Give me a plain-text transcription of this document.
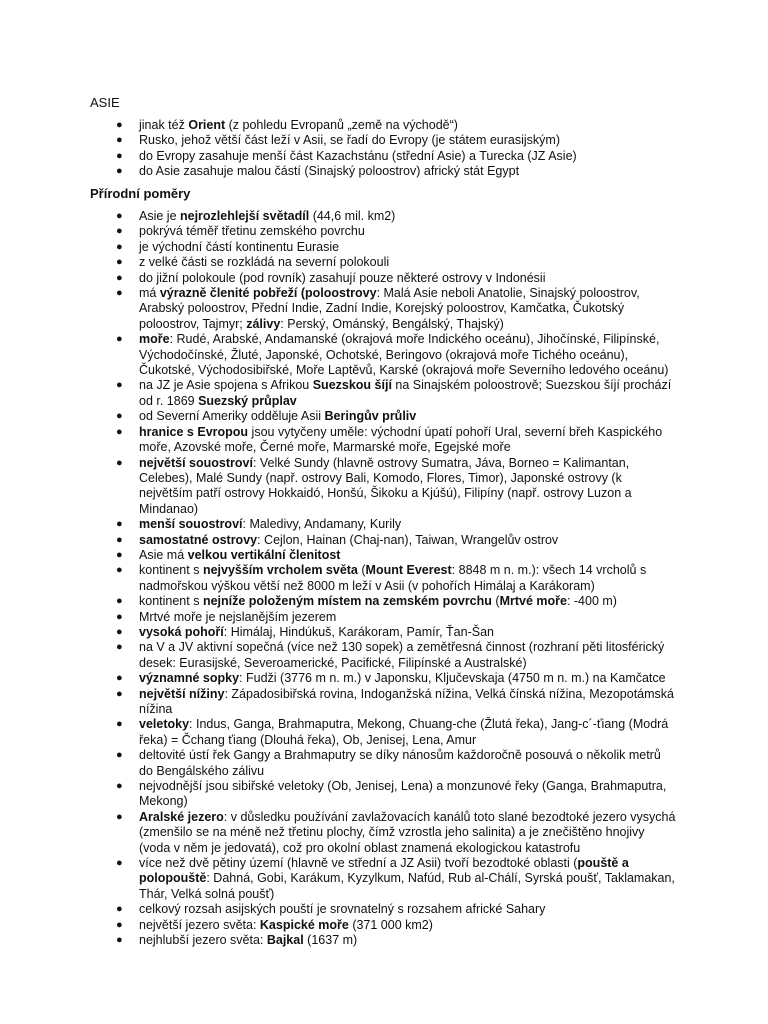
ASIE
● jinak též Orient (z pohledu Evropanů „země na východě“)
● Rusko, jehož větší část leží v Asii, se řadí do Evropy (je státem eurasijským)
● do Evropy zasahuje menší část Kazachstánu (střední Asie) a Turecka (JZ Asie)
● do Asie zasahuje malou částí (Sinajský poloostrov) africký stát Egypt
Přírodní poměry
● Asie je nejrozlehlejší světadíl (44,6 mil. km2)
● pokrývá téměř třetinu zemského povrchu
● je východní částí kontinentu Eurasie
● z velké části se rozkládá na severní polokouli
● do jižní polokoule (pod rovník) zasahují pouze některé ostrovy v Indonésii
● má výrazně členité pobřeží (poloostrovy: Malá Asie neboli Anatolie, Sinajský poloostrov, Arabský poloostrov, Přední Indie, Zadní Indie, Korejský poloostrov, Kamčatka, Čukotský poloostrov, Tajmyr; zálivy: Perský, Ománský, Bengálský, Thajský)
● moře: Rudé, Arabské, Andamanské (okrajová moře Indického oceánu), Jihočínské, Filipínské, Východočínské, Žluté, Japonské, Ochotské, Beringovo (okrajová moře Tichého oceánu), Čukotské, Východosibiřské, Moře Laptěvů, Karské (okrajová moře Severního ledového oceánu)
● na JZ je Asie spojena s Afrikou Suezskou šíjí na Sinajském poloostrově; Suezskou šíjí prochází od r. 1869 Suezský průplav
● od Severní Ameriky odděluje Asii Beringův průliv
● hranice s Evropou jsou vytyčeny uměle: východní úpatí pohoří Ural, severní břeh Kaspického moře, Azovské moře, Černé moře, Marmarské moře, Egejské moře
● největší souostroví: Velké Sundy (hlavně ostrovy Sumatra, Jáva, Borneo = Kalimantan, Celebes), Malé Sundy (např. ostrovy Bali, Komodo, Flores, Timor), Japonské ostrovy (k největším patří ostrovy Hokkaidó, Honšú, Šikoku a Kjúšú), Filipíny (např. ostrovy Luzon a Mindanao)
● menší souostroví: Maledivy, Andamany, Kurily
● samostatné ostrovy: Cejlon, Hainan (Chaj-nan), Taiwan, Wrangelův ostrov
● Asie má velkou vertikální členitost
● kontinent s nejvyšším vrcholem světa (Mount Everest: 8848 m n. m.): všech 14 vrcholů s nadmořskou výškou větší než 8000 m leží v Asii (v pohořích Himálaj a Karákoram)
● kontinent s nejníže položeným místem na zemském povrchu (Mrtvé moře: -400 m)
● Mrtvé moře je nejslanějším jezerem
● vysoká pohoří: Himálaj, Hindúkuš, Karákoram, Pamír, Ťan-Šan
● na V a JV aktivní sopečná (více než 130 sopek) a zemětřesná činnost (rozhraní pěti litosférický desek: Eurasijské, Severoamerické, Pacifické, Filipínské a Australské)
● významné sopky: Fudži (3776 m n. m.) v Japonsku, Ključevskaja (4750 m n. m.) na Kamčatce
● největší nížiny: Západosibiřská rovina, Indoganžská nížina, Velká čínská nížina, Mezopotámská nížina
● veletoky: Indus, Ganga, Brahmaputra, Mekong, Chuang-che (Žlutá řeka), Jang-c´-ťiang (Modrá řeka) = Čchang ťiang (Dlouhá řeka), Ob, Jenisej, Lena, Amur
● deltovité ústí řek Gangy a Brahmaputry se díky nánosům každoročně posouvá o několik metrů do Bengálského zálivu
● nejvodnější jsou sibiřské veletoky (Ob, Jenisej, Lena) a monzunové řeky (Ganga, Brahmaputra, Mekong)
● Aralské jezero: v důsledku používání zavlažovacích kanálů toto slané bezodtoké jezero vysychá (zmenšilo se na méně než třetinu plochy, čímž vzrostla jeho salinita) a je znečištěno hnojivy (voda v něm je jedovatá), což pro okolní oblast znamená ekologickou katastrofu
● více než dvě pětiny území (hlavně ve střední a JZ Asii) tvoří bezodtoké oblasti (pouště a polopouště: Dahná, Gobi, Karákum, Kyzylkum, Nafúd, Rub al-Chálí, Syrská poušť, Taklamakan, Thár, Velká solná poušť)
● celkový rozsah asijských pouští je srovnatelný s rozsahem africké Sahary
● největší jezero světa: Kaspické moře (371 000 km2)
● nejhlubší jezero světa: Bajkal (1637 m)
